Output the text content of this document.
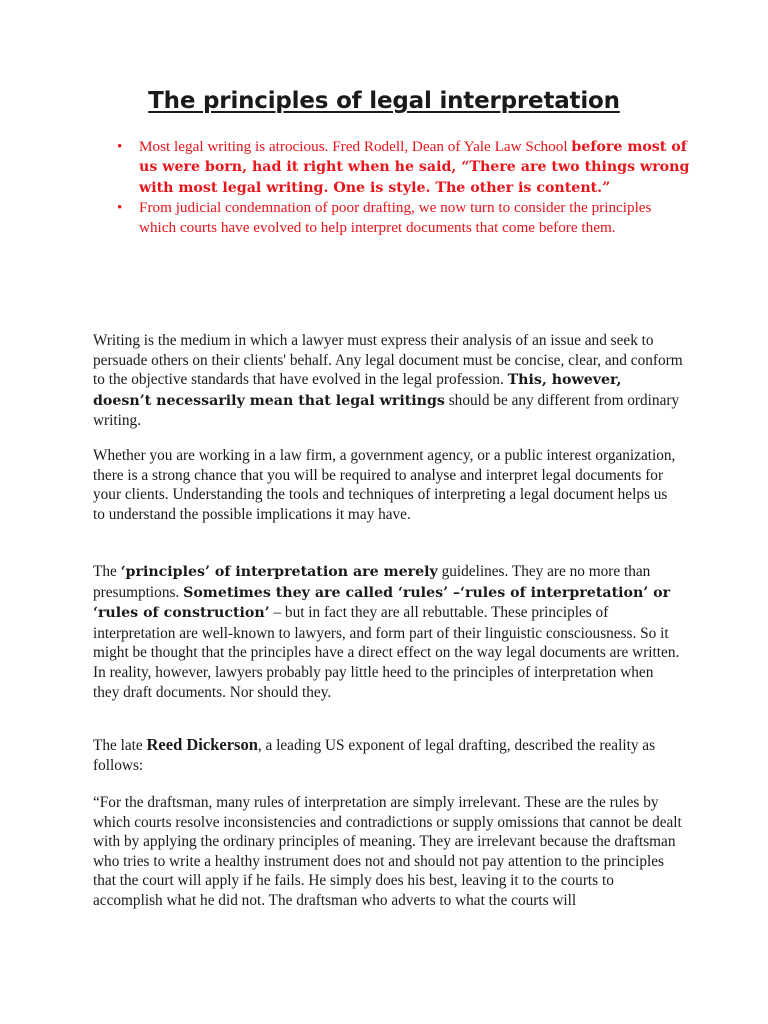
The principles of legal interpretation
• Most legal writing is atrocious. Fred Rodell, Dean of Yale Law School before most of us were born, had it right when he said, “There are two things wrong with most legal writing. One is style. The other is content.”
• From judicial condemnation of poor drafting, we now turn to consider the principles which courts have evolved to help interpret documents that come before them.

Writing is the medium in which a lawyer must express their analysis of an issue and seek to persuade others on their clients' behalf. Any legal document must be concise, clear, and conform to the objective standards that have evolved in the legal profession. This, however, doesn’t necessarily mean that legal writings should be any different from ordinary writing.

Whether you are working in a law firm, a government agency, or a public interest organization, there is a strong chance that you will be required to analyse and interpret legal documents for your clients. Understanding the tools and techniques of interpreting a legal document helps us to understand the possible implications it may have.

The ‘principles’ of interpretation are merely guidelines. They are no more than presumptions. Sometimes they are called ‘rules’ –‘rules of interpretation’ or ‘rules of construction’ – but in fact they are all rebuttable. These principles of interpretation are well-known to lawyers, and form part of their linguistic consciousness. So it might be thought that the principles have a direct effect on the way legal documents are written. In reality, however, lawyers probably pay little heed to the principles of interpretation when they draft documents. Nor should they.

The late Reed Dickerson, a leading US exponent of legal drafting, described the reality as follows:

“For the draftsman, many rules of interpretation are simply irrelevant. These are the rules by which courts resolve inconsistencies and contradictions or supply omissions that cannot be dealt with by applying the ordinary principles of meaning. They are irrelevant because the draftsman who tries to write a healthy instrument does not and should not pay attention to the principles that the court will apply if he fails. He simply does his best, leaving it to the courts to accomplish what he did not. The draftsman who adverts to what the courts will
